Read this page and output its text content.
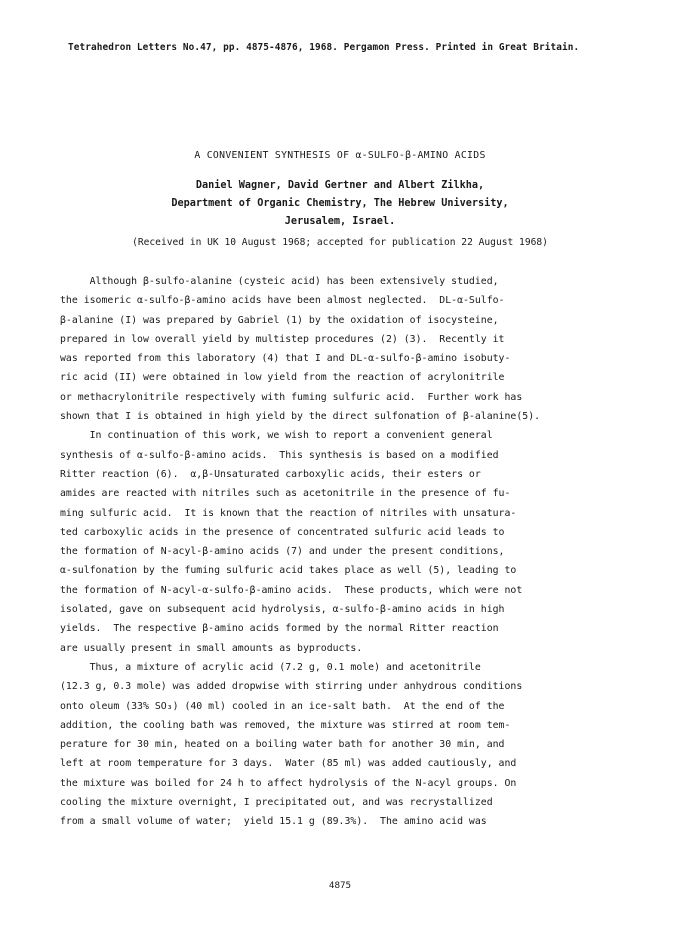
Tetrahedron Letters No.47, pp. 4875-4876, 1968. Pergamon Press. Printed in Great Britain.
A CONVENIENT SYNTHESIS OF α-SULFO-β-AMINO ACIDS
Daniel Wagner, David Gertner and Albert Zilkha,
Department of Organic Chemistry, The Hebrew University,
Jerusalem, Israel.
(Received in UK 10 August 1968; accepted for publication 22 August 1968)
Although β-sulfo-alanine (cysteic acid) has been extensively studied,
the isomeric α-sulfo-β-amino acids have been almost neglected.  DL-α-Sulfo-
β-alanine (I) was prepared by Gabriel (1) by the oxidation of isocysteine,
prepared in low overall yield by multistep procedures (2) (3).  Recently it
was reported from this laboratory (4) that I and DL-α-sulfo-β-amino isobuty-
ric acid (II) were obtained in low yield from the reaction of acrylonitrile
or methacrylonitrile respectively with fuming sulfuric acid.  Further work has
shown that I is obtained in high yield by the direct sulfonation of β-alanine(5).
In continuation of this work, we wish to report a convenient general
synthesis of α-sulfo-β-amino acids.  This synthesis is based on a modified
Ritter reaction (6).  α,β-Unsaturated carboxylic acids, their esters or
amides are reacted with nitriles such as acetonitrile in the presence of fu-
ming sulfuric acid.  It is known that the reaction of nitriles with unsatura-
ted carboxylic acids in the presence of concentrated sulfuric acid leads to
the formation of N-acyl-β-amino acids (7) and under the present conditions,
α-sulfonation by the fuming sulfuric acid takes place as well (5), leading to
the formation of N-acyl-α-sulfo-β-amino acids.  These products, which were not
isolated, gave on subsequent acid hydrolysis, α-sulfo-β-amino acids in high
yields.  The respective β-amino acids formed by the normal Ritter reaction
are usually present in small amounts as byproducts.
Thus, a mixture of acrylic acid (7.2 g, 0.1 mole) and acetonitrile
(12.3 g, 0.3 mole) was added dropwise with stirring under anhydrous conditions
onto oleum (33% SO₃) (40 ml) cooled in an ice-salt bath.  At the end of the
addition, the cooling bath was removed, the mixture was stirred at room tem-
perature for 30 min, heated on a boiling water bath for another 30 min, and
left at room temperature for 3 days.  Water (85 ml) was added cautiously, and
the mixture was boiled for 24 h to affect hydrolysis of the N-acyl groups. On
cooling the mixture overnight, I precipitated out, and was recrystallized
from a small volume of water;  yield 15.1 g (89.3%).  The amino acid was
4875
